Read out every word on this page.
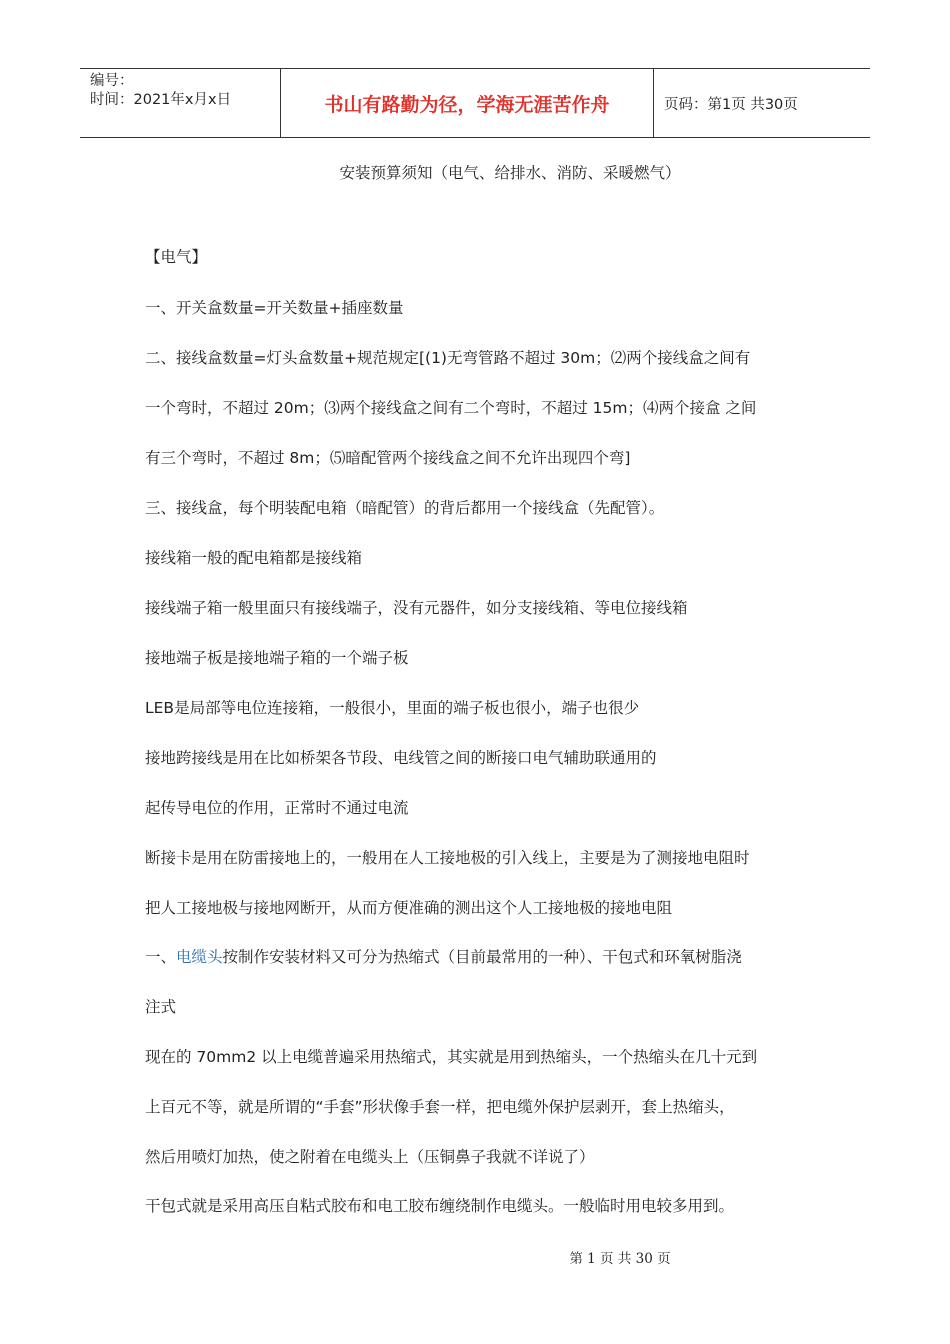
编号：
时间：2021年x月x日	书山有路勤为径，学海无涯苦作舟	页码：第1页 共30页
安装预算须知（电气、给排水、消防、采暖燃气）
【电气】
一、开关盒数量=开关数量+插座数量
二、接线盒数量=灯头盒数量+规范规定[(1)无弯管路不超过 30m；⑵两个接线盒之间有
一个弯时，不超过 20m；⑶两个接线盒之间有二个弯时，不超过 15m；⑷两个接盒 之间
有三个弯时，不超过 8m；⑸暗配管两个接线盒之间不允许出现四个弯]
三、接线盒，每个明装配电箱（暗配管）的背后都用一个接线盒（先配管）。
接线箱一般的配电箱都是接线箱
接线端子箱一般里面只有接线端子，没有元器件，如分支接线箱、等电位接线箱
接地端子板是接地端子箱的一个端子板
LEB是局部等电位连接箱，一般很小，里面的端子板也很小，端子也很少
接地跨接线是用在比如桥架各节段、电线管之间的断接口电气辅助联通用的
起传导电位的作用，正常时不通过电流
断接卡是用在防雷接地上的，一般用在人工接地极的引入线上，主要是为了测接地电阻时
把人工接地极与接地网断开，从而方便准确的测出这个人工接地极的接地电阻
一、电缆头按制作安装材料又可分为热缩式（目前最常用的一种）、干包式和环氧树脂浇
注式
现在的 70mm2 以上电缆普遍采用热缩式，其实就是用到热缩头，一个热缩头在几十元到
上百元不等，就是所谓的“手套”形状像手套一样，把电缆外保护层剥开，套上热缩头，
然后用喷灯加热，使之附着在电缆头上（压铜鼻子我就不详说了）
干包式就是采用高压自粘式胶布和电工胶布缠绕制作电缆头。一般临时用电较多用到。
第 1 页 共 30 页
